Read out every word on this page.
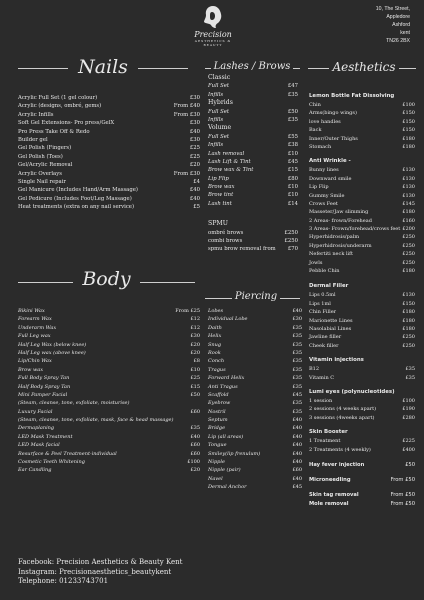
Precision
AESTHETICS & BEAUTY
10, The Street,
Appledore
Ashford
kent
TN26 2BX
Nails
Acrylic Full Set (1 gel colour)	£30
Acrylic (designs, ombré, gems)	From £40
Acrylic Infills	From £30
Soft Gel Extensions- Pro press/GelX	£30
Pro Press Take Off & Redo	£40
Builder gel	£30
Gel Polish (Fingers)	£25
Gel Polish (Toes)	£25
Gel/Acrylic Removal	£20
Acrylic Overlays	From £30
Single Nail repair	£4
Gel Manicure (Includes Hand/Arm Massage)	£40
Gel Pedicure (Includes Foot/Leg Massage)	£40
Heat treatments (extra on any nail service)	£5
Lashes / Brows
Classic
Full Set	£47
Infills	£35
Hybrids
Full Set	£50
Infills	£35
Volume
Full Set	£55
Infills	£38
Lash removal	£10
Lash Lift & Tint	£45
Brow wax & Tint	£15
Lip Flip	£80
Brow wax	£10
Brow tint	£10
Lash tint	£14
SPMU
ombré brows	£250
combi brows	£250
spmu brow removal from £70
Piercing
Lobes	£40
Individual Lobe	£30
Daith	£35
Helix	£35
Snug	£35
Rook	£35
Conch	£35
Tragus	£35
Forward Helix	£35
Anti Tragus	£35
Scaffold	£45
Eyebrow	£35
Nostril	£35
Septum	£40
Bridge	£40
Lip (all areas)	£40
Tongue	£40
Smiley(lip frenulum)	£40
Nipple	£40
Nipple (pair)	£60
Navel	£40
Dermal Anchor	£45
Body
Bikini Wax	From £25
Forearm Wax	£12
Underarm Wax	£12
Full Leg wax	£30
Half Leg Wax (below knee)	£20
Half Leg wax (above knee)	£20
Lip/Chin Wax	£8
Brow wax	£10
Full Body Spray Tan	£25
Half Body Spray Tan	£15
Mini Pamper Facial	£50
(Steam, cleanse, tone, exfoliate, moisturise)
Luxury Facial	£60
(Steam, cleanse, tone, exfoliate, mask, face & head massage)
Dermaplaning	£35
LED Mask Treatment	£40
LED Mask facial	£60
Resurface & Peel Treatment-individual	£60
Cosmetic Teeth Whitening	£100
Ear Candling	£20
Aesthetics
Lemon Bottle Fat Dissolving
Chin	£100
Arms(bingo wings)	£150
love handles	£150
Back	£150
Inner/Outer Thighs	£180
Stomach	£180
Anti Wrinkle -
Bunny lines	£130
Downward smile	£130
Lip Flip	£130
Gummy Smile	£130
Crows Feet	£145
Masseter/Jaw slimming	£180
2 Areas- frown/Forehead	£160
3 Areas- Frown/forehead/crows feet £200
Hyperhidrosis/palm	£250
Hyperhidrosis/underarm	£250
Nefertiti neck lift	£250
Jowls	£250
Pebble Chin	£180
Dermal Filler
Lips 0.5ml	£130
Lips 1ml	£150
Chin Filler	£180
Marionette Lines	£180
Nasolabial Lines	£180
Jawline filler	£250
Cheek filler	£250
Vitamin injections
B12	£35
Vitamin C	£35
Lumi eyes (polynucleotides)
1 session	£100
2 sessions (4 weeks apart)	£190
3 sessions (4weeks apart)	£280
Skin Booster
1 Treatment	£225
2 Treatments (4 weekly)	£400
Hay fever injection	£50
Microneedling	From £50
Skin tag removal	From £50
Mole removal	From £50
Facebook: Precision Aesthetics & Beauty Kent
Instagram: Precisionaesthetics_beautykent
Telephone: 01233743701
